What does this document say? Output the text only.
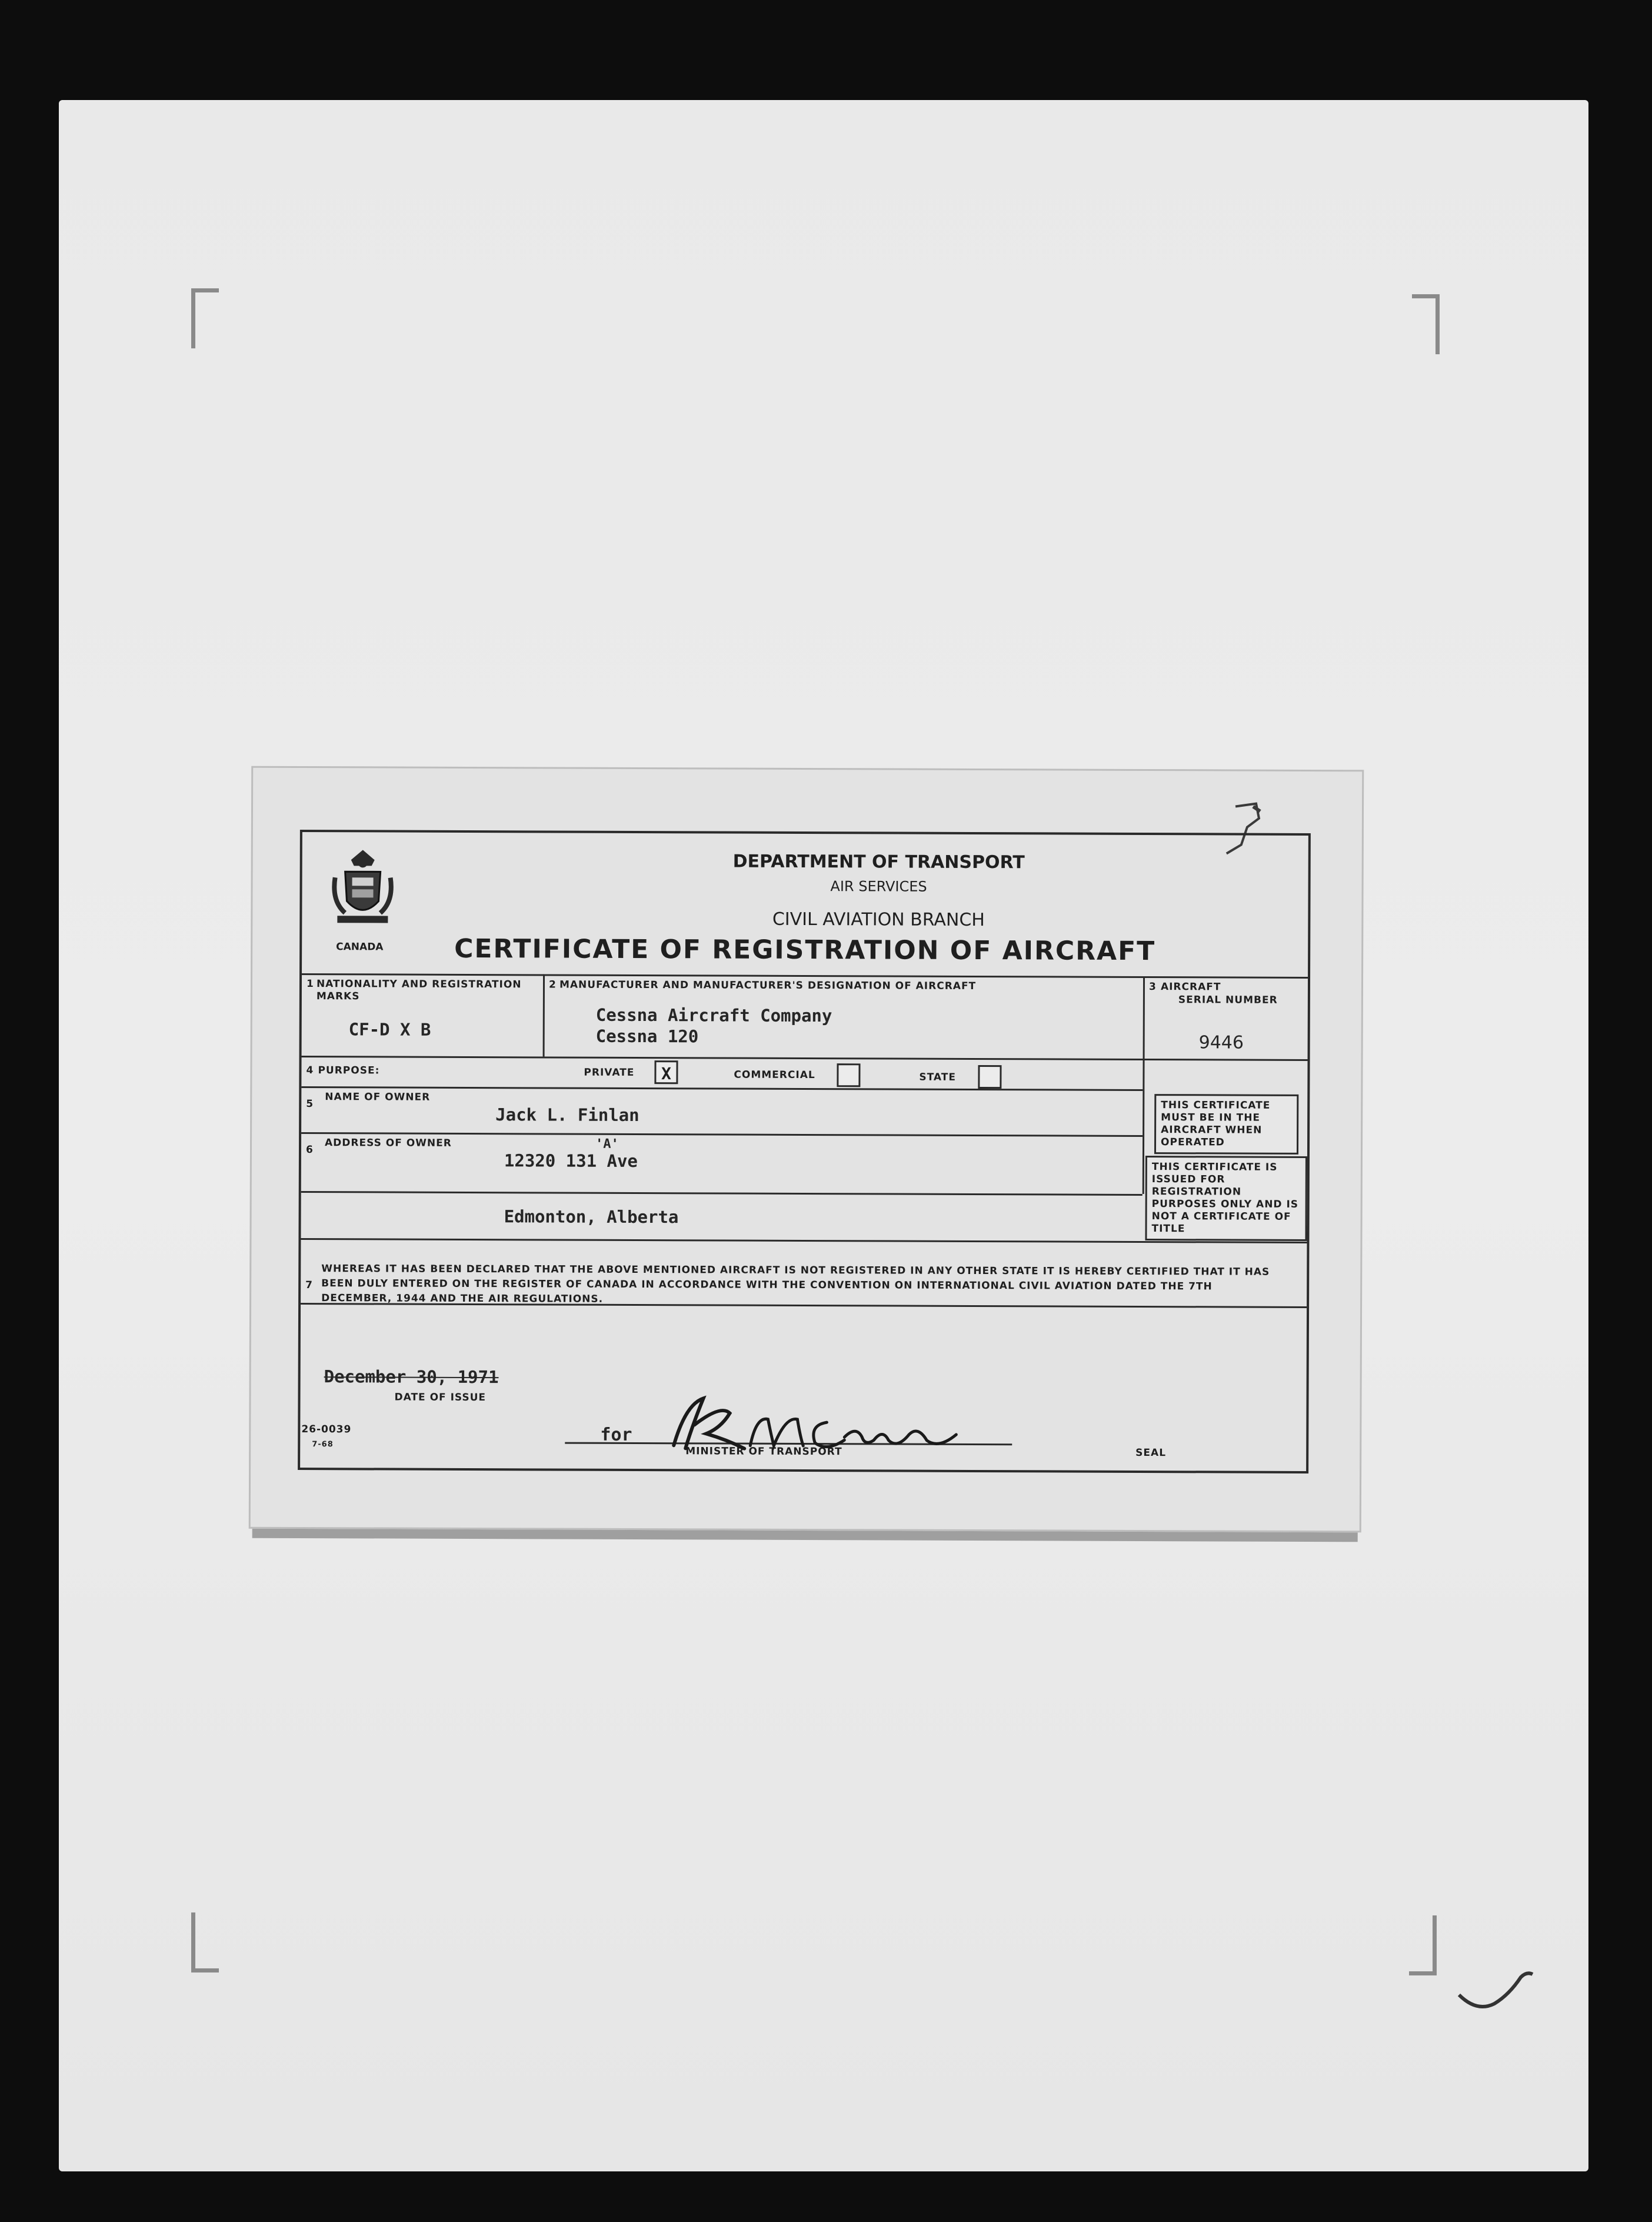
CANADA
DEPARTMENT OF TRANSPORT
AIR SERVICES
CIVIL AVIATION BRANCH
CERTIFICATE OF REGISTRATION OF AIRCRAFT
1 NATIONALITY AND REGISTRATION MARKS
CF-D X B
2 MANUFACTURER AND MANUFACTURER'S DESIGNATION OF AIRCRAFT
Cessna Aircraft Company
Cessna 120
3 AIRCRAFT
SERIAL NUMBER
9446
4 PURPOSE:	PRIVATE	X	COMMERCIAL	STATE
5
NAME OF OWNER
Jack L. Finlan
6
ADDRESS OF OWNER	'A'
12320 131 Ave
Edmonton, Alberta
THIS CERTIFICATE MUST BE IN THE AIRCRAFT WHEN OPERATED
THIS CERTIFICATE IS ISSUED FOR REGISTRATION PURPOSES ONLY AND IS NOT A CERTIFICATE OF TITLE
7
WHEREAS IT HAS BEEN DECLARED THAT THE ABOVE MENTIONED AIRCRAFT IS NOT REGISTERED IN ANY OTHER STATE IT IS HEREBY CERTIFIED THAT IT HAS BEEN DULY ENTERED ON THE REGISTER OF CANADA IN ACCORDANCE WITH THE CONVENTION ON INTERNATIONAL CIVIL AVIATION DATED THE 7TH DECEMBER, 1944 AND THE AIR REGULATIONS.
December 30, 1971
DATE OF ISSUE
26-0039
7-68	for
MINISTER OF TRANSPORT	SEAL
